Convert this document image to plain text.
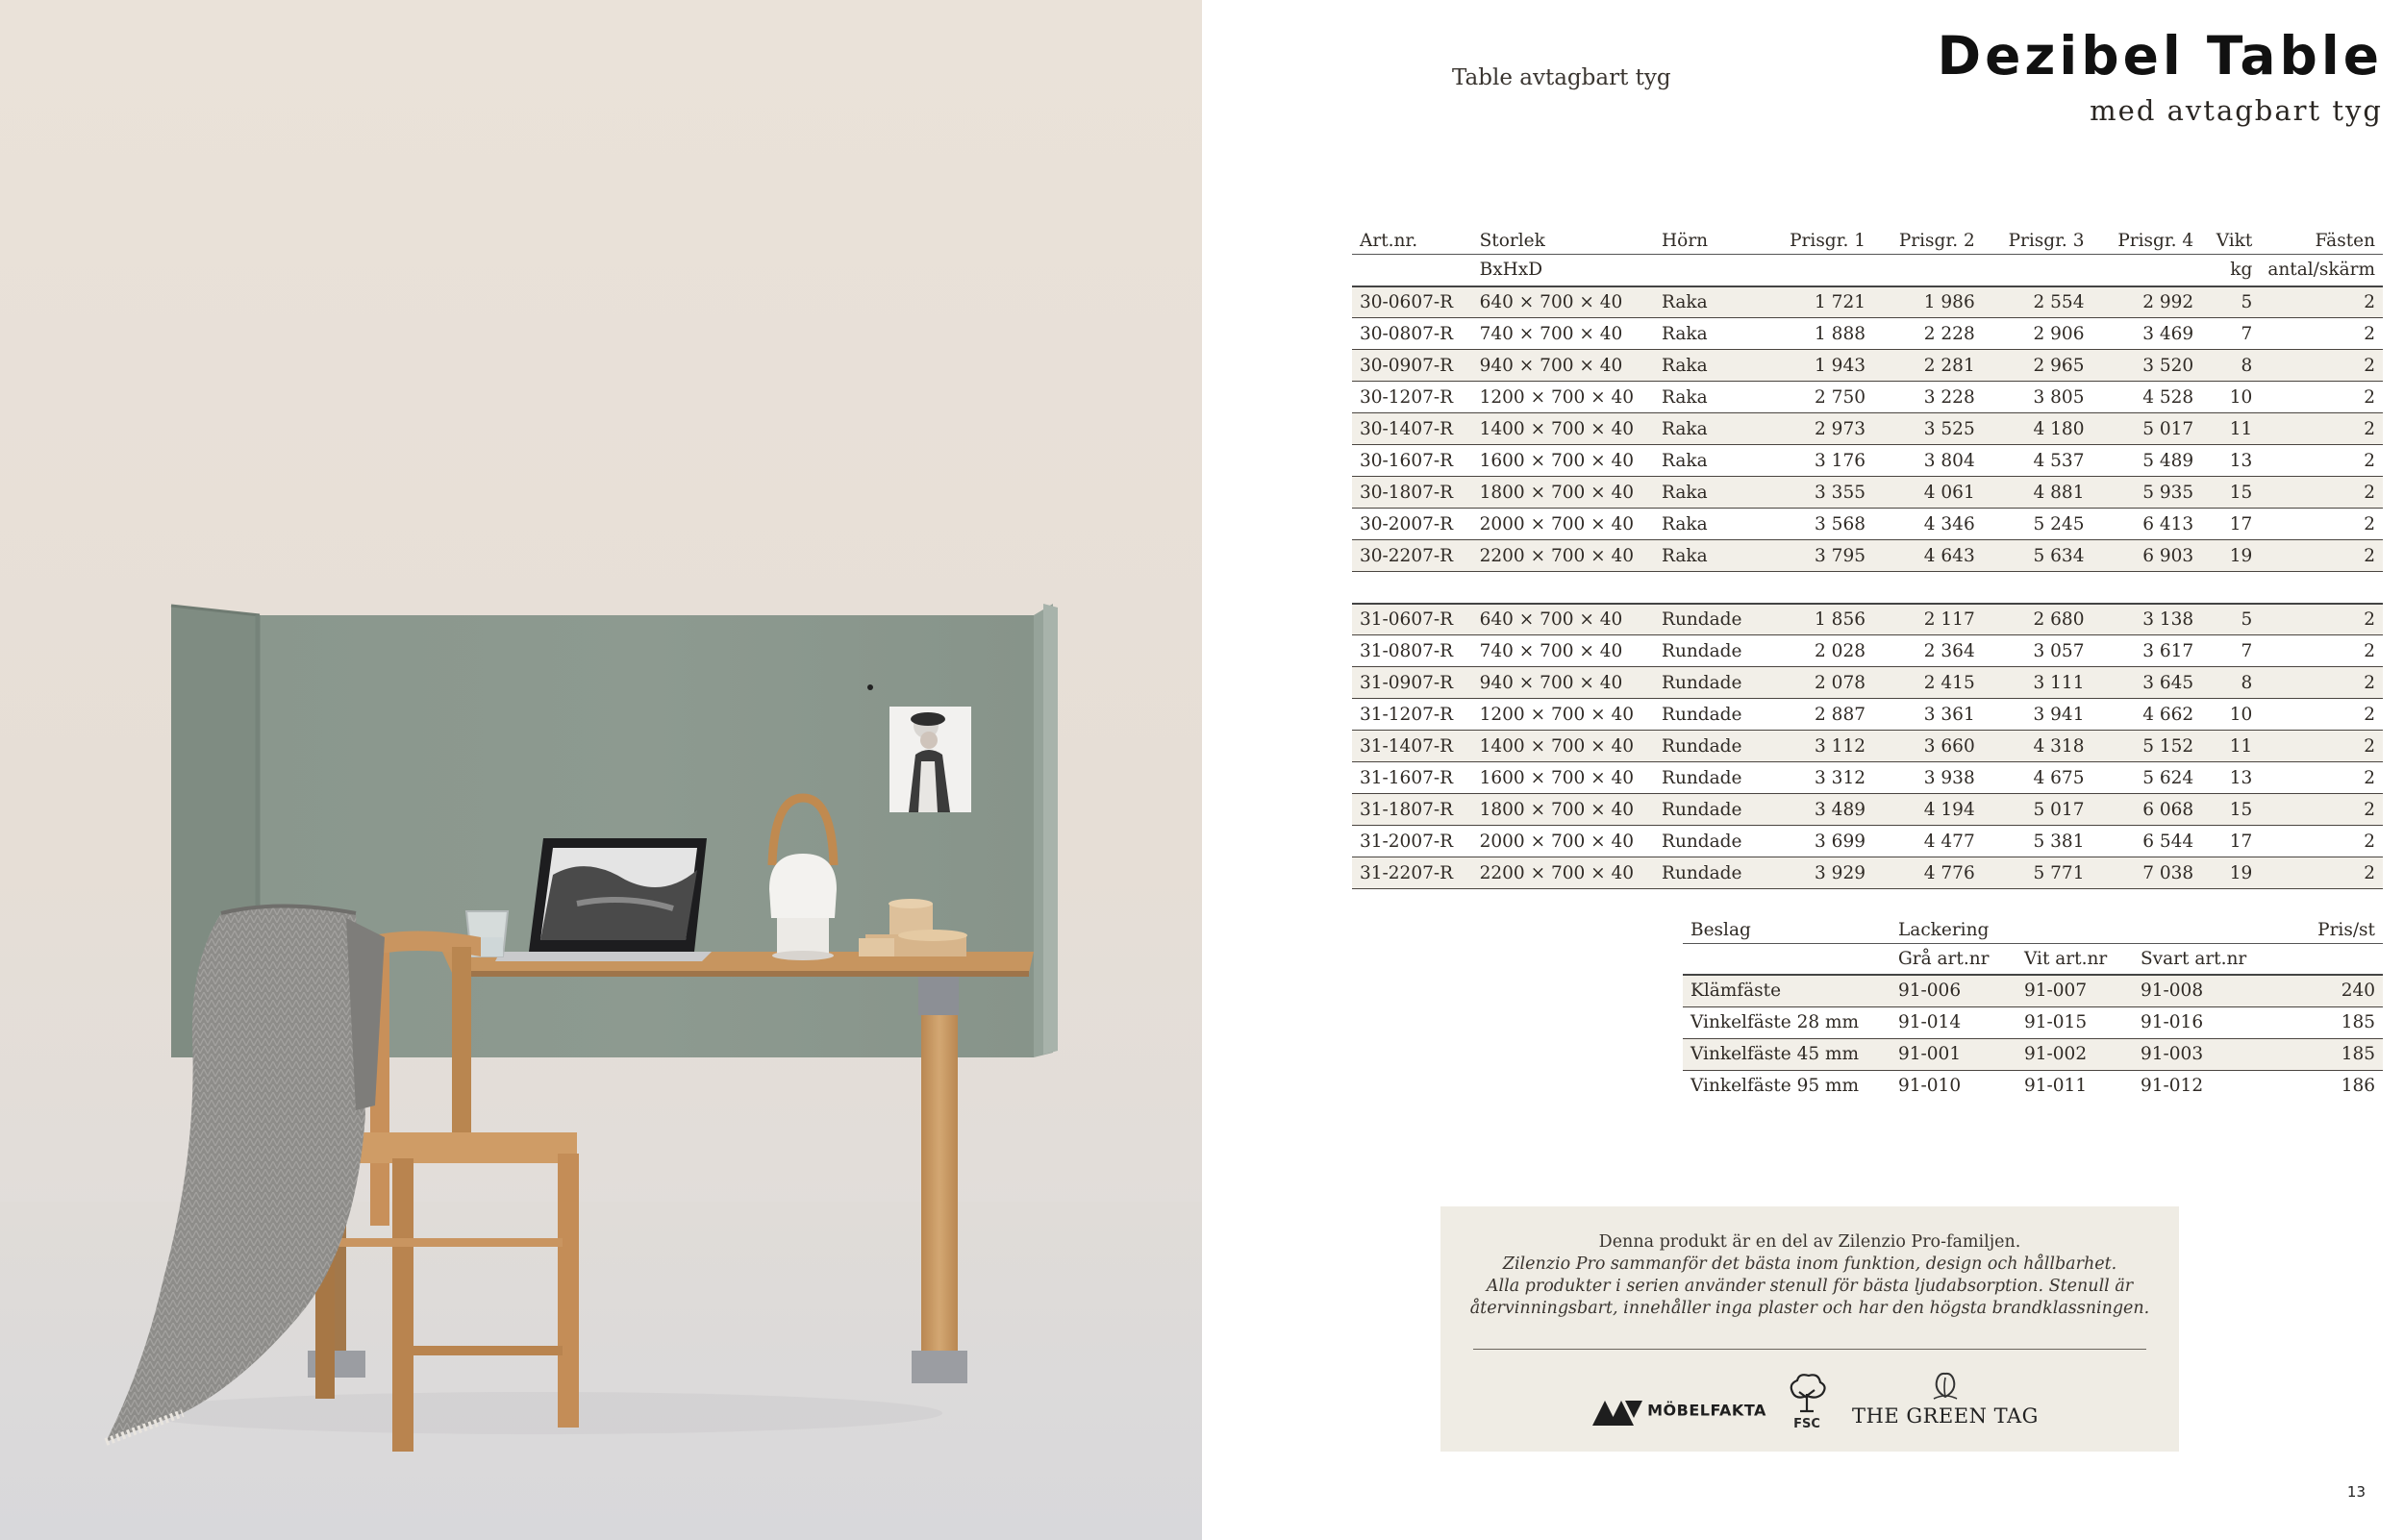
Table avtagbart tyg	Dezibel Table
med avtagbart tyg
Art.nr.	Storlek	Hörn	Prisgr. 1	Prisgr. 2	Prisgr. 3	Prisgr. 4	Vikt	Fästen
	BxHxD						kg	antal/skärm
30-0607-R	640 × 700 × 40	Raka	1 721	1 986	2 554	2 992	5	2
30-0807-R	740 × 700 × 40	Raka	1 888	2 228	2 906	3 469	7	2
30-0907-R	940 × 700 × 40	Raka	1 943	2 281	2 965	3 520	8	2
30-1207-R	1200 × 700 × 40	Raka	2 750	3 228	3 805	4 528	10	2
30-1407-R	1400 × 700 × 40	Raka	2 973	3 525	4 180	5 017	11	2
30-1607-R	1600 × 700 × 40	Raka	3 176	3 804	4 537	5 489	13	2
30-1807-R	1800 × 700 × 40	Raka	3 355	4 061	4 881	5 935	15	2
30-2007-R	2000 × 700 × 40	Raka	3 568	4 346	5 245	6 413	17	2
30-2207-R	2200 × 700 × 40	Raka	3 795	4 643	5 634	6 903	19	2

31-0607-R	640 × 700 × 40	Rundade	1 856	2 117	2 680	3 138	5	2
31-0807-R	740 × 700 × 40	Rundade	2 028	2 364	3 057	3 617	7	2
31-0907-R	940 × 700 × 40	Rundade	2 078	2 415	3 111	3 645	8	2
31-1207-R	1200 × 700 × 40	Rundade	2 887	3 361	3 941	4 662	10	2
31-1407-R	1400 × 700 × 40	Rundade	3 112	3 660	4 318	5 152	11	2
31-1607-R	1600 × 700 × 40	Rundade	3 312	3 938	4 675	5 624	13	2
31-1807-R	1800 × 700 × 40	Rundade	3 489	4 194	5 017	6 068	15	2
31-2007-R	2000 × 700 × 40	Rundade	3 699	4 477	5 381	6 544	17	2
31-2207-R	2200 × 700 × 40	Rundade	3 929	4 776	5 771	7 038	19	2
Beslag	Lackering			Pris/st
	Grå art.nr	Vit art.nr	Svart art.nr	
Klämfäste	91-006	91-007	91-008	240
Vinkelfäste 28 mm	91-014	91-015	91-016	185
Vinkelfäste 45 mm	91-001	91-002	91-003	185
Vinkelfäste 95 mm	91-010	91-011	91-012	186
Denna produkt är en del av Zilenzio Pro-familjen.
Zilenzio Pro sammanför det bästa inom funktion, design och hållbarhet.
Alla produkter i serien använder stenull för bästa ljudabsorption. Stenull är
återvinningsbart, innehåller inga plaster och har den högsta brandklassningen.
MÖBELFAKTA
FSC	THE GREEN TAG
13
